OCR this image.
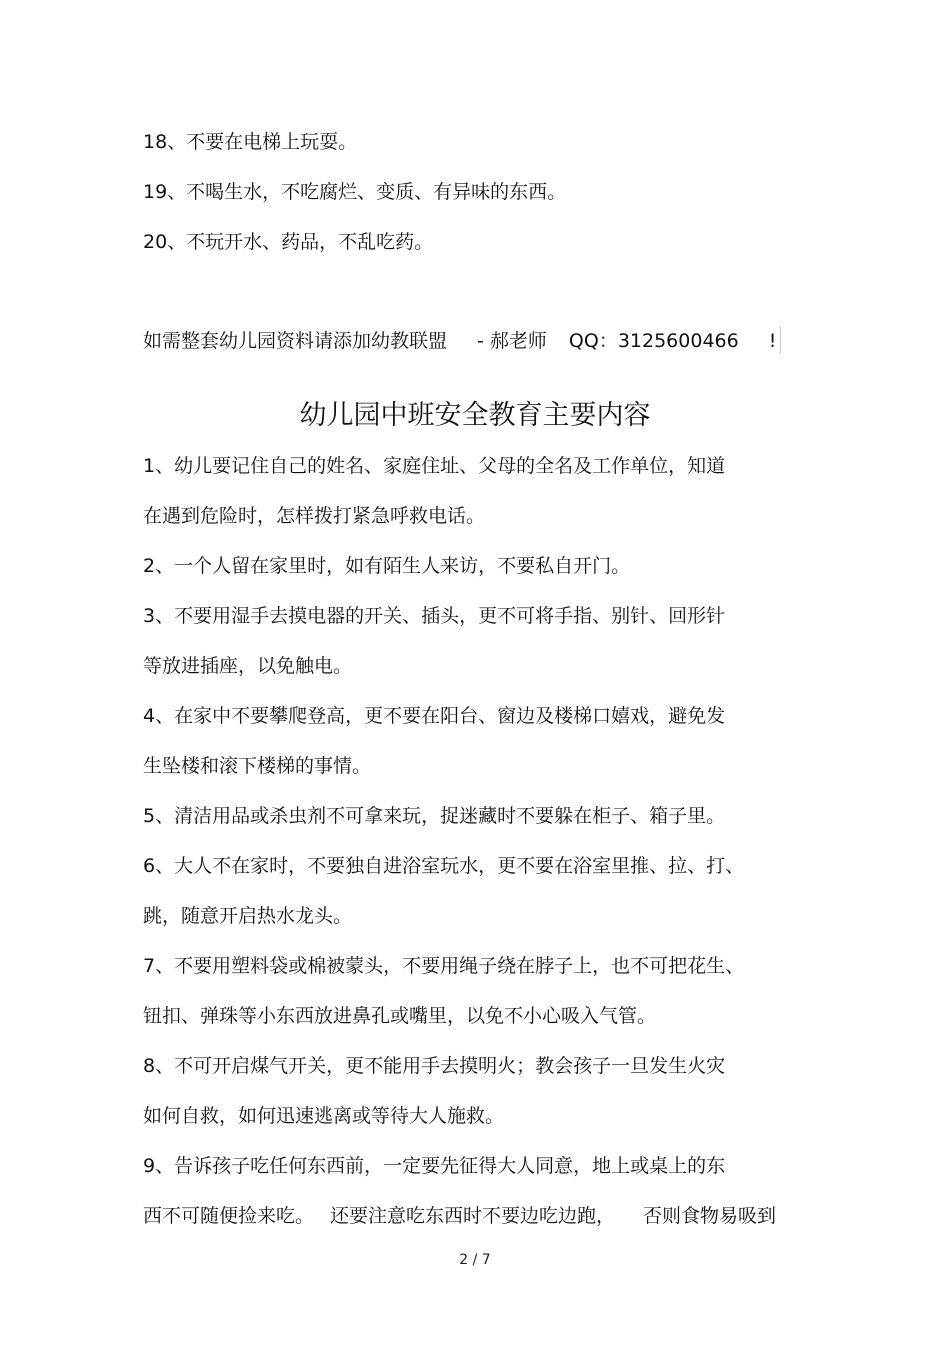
18、不要在电梯上玩耍。
19、不喝生水，不吃腐烂、变质、有异味的东西。
20、不玩开水、药品，不乱吃药。
如需整套幼儿园资料请添加幼教联盟 - 郝老师 QQ：3125600466 !
幼儿园中班安全教育主要内容
1、幼儿要记住自己的姓名、家庭住址、父母的全名及工作单位，知道
在遇到危险时，怎样拨打紧急呼救电话。
2、一个人留在家里时，如有陌生人来访，不要私自开门。
3、不要用湿手去摸电器的开关、插头，更不可将手指、别针、回形针
等放进插座，以免触电。
4、在家中不要攀爬登高，更不要在阳台、窗边及楼梯口嬉戏，避免发
生坠楼和滚下楼梯的事情。
5、清洁用品或杀虫剂不可拿来玩，捉迷藏时不要躲在柜子、箱子里。
6、大人不在家时，不要独自进浴室玩水，更不要在浴室里推、拉、打、
跳，随意开启热水龙头。
7、不要用塑料袋或棉被蒙头，不要用绳子绕在脖子上，也不可把花生、
钮扣、弹珠等小东西放进鼻孔或嘴里，以免不小心吸入气管。
8、不可开启煤气开关，更不能用手去摸明火；教会孩子一旦发生火灾
如何自救，如何迅速逃离或等待大人施救。
9、告诉孩子吃任何东西前，一定要先征得大人同意，地上或桌上的东
西不可随便捡来吃。 还要注意吃东西时不要边吃边跑， 否则食物易吸到
2 / 7
